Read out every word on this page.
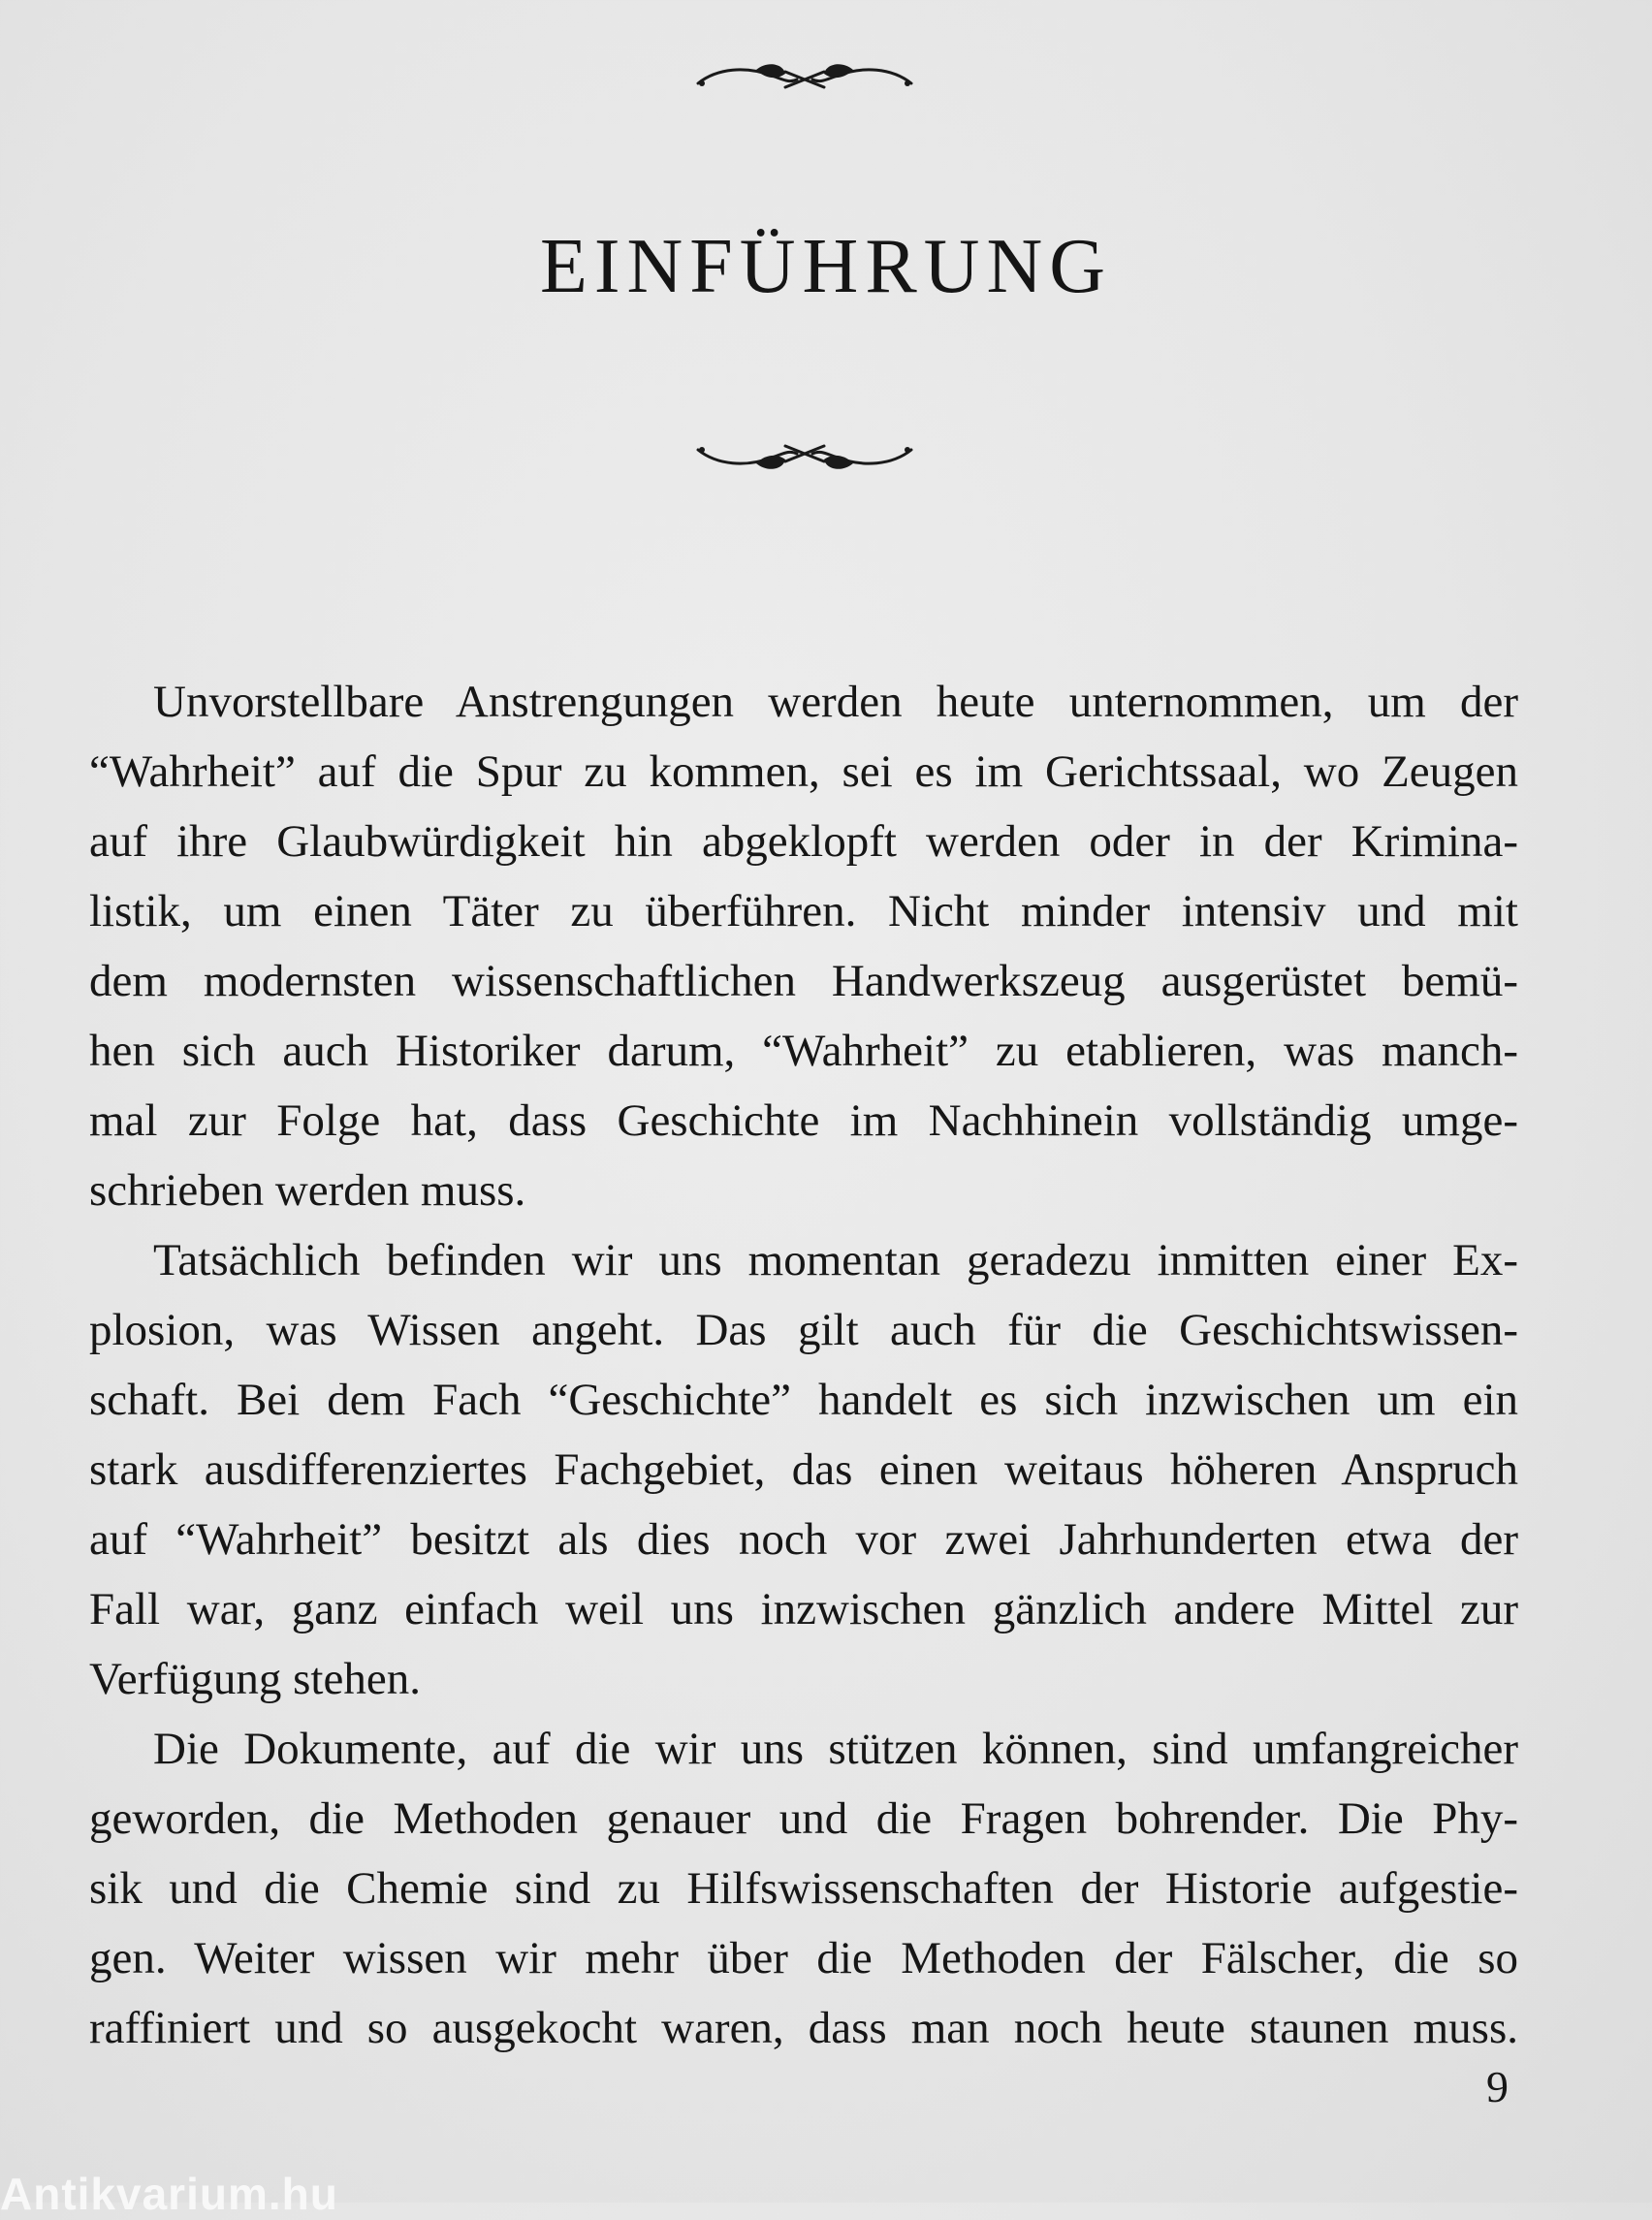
EINFÜHRUNG
Unvorstellbare Anstrengungen werden heute unternommen, um der
“Wahrheit” auf die Spur zu kommen, sei es im Gerichtssaal, wo Zeugen
auf ihre Glaubwürdigkeit hin abgeklopft werden oder in der Krimina-
listik, um einen Täter zu überführen. Nicht minder intensiv und mit
dem modernsten wissenschaftlichen Handwerkszeug ausgerüstet bemü-
hen sich auch Historiker darum, “Wahrheit” zu etablieren, was manch-
mal zur Folge hat, dass Geschichte im Nachhinein vollständig umge-
schrieben werden muss.
Tatsächlich befinden wir uns momentan geradezu inmitten einer Ex-
plosion, was Wissen angeht. Das gilt auch für die Geschichtswissen-
schaft. Bei dem Fach “Geschichte” handelt es sich inzwischen um ein
stark ausdifferenziertes Fachgebiet, das einen weitaus höheren Anspruch
auf “Wahrheit” besitzt als dies noch vor zwei Jahrhunderten etwa der
Fall war, ganz einfach weil uns inzwischen gänzlich andere Mittel zur
Verfügung stehen.
Die Dokumente, auf die wir uns stützen können, sind umfangreicher
geworden, die Methoden genauer und die Fragen bohrender. Die Phy-
sik und die Chemie sind zu Hilfswissenschaften der Historie aufgestie-
gen. Weiter wissen wir mehr über die Methoden der Fälscher, die so
raffiniert und so ausgekocht waren, dass man noch heute staunen muss.
9
Antikvarium.hu
